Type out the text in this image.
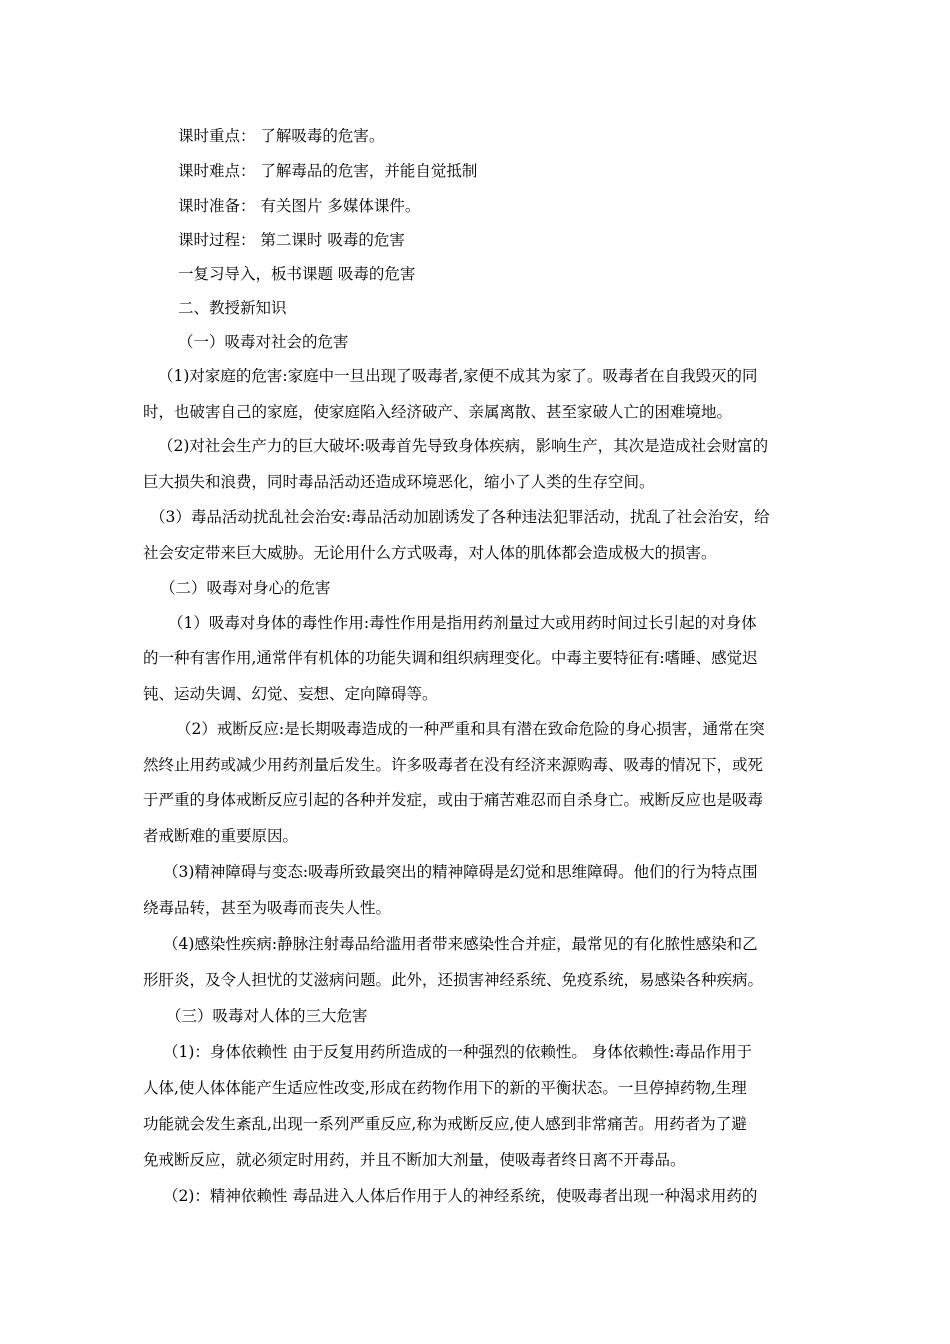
课时重点： 了解吸毒的危害。

课时难点： 了解毒品的危害，并能自觉抵制

课时准备： 有关图片 多媒体课件。

课时过程： 第二课时 吸毒的危害

一复习导入，板书课题 吸毒的危害

二、教授新知识

（一）吸毒对社会的危害

（1)对家庭的危害:家庭中一旦出现了吸毒者,家便不成其为家了。吸毒者在自我毁灭的同

时，也破害自己的家庭，使家庭陷入经济破产、亲属离散、甚至家破人亡的困难境地。

（2)对社会生产力的巨大破坏:吸毒首先导致身体疾病，影响生产，其次是造成社会财富的

巨大损失和浪费，同时毒品活动还造成环境恶化，缩小了人类的生存空间。

（3）毒品活动扰乱社会治安:毒品活动加剧诱发了各种违法犯罪活动，扰乱了社会治安，给

社会安定带来巨大威胁。无论用什么方式吸毒，对人体的肌体都会造成极大的损害。

（二）吸毒对身心的危害

（1）吸毒对身体的毒性作用:毒性作用是指用药剂量过大或用药时间过长引起的对身体

的一种有害作用,通常伴有机体的功能失调和组织病理变化。中毒主要特征有:嗜睡、感觉迟

钝、运动失调、幻觉、妄想、定向障碍等。

（2）戒断反应:是长期吸毒造成的一种严重和具有潜在致命危险的身心损害，通常在突

然终止用药或减少用药剂量后发生。许多吸毒者在没有经济来源购毒、吸毒的情况下，或死

于严重的身体戒断反应引起的各种并发症，或由于痛苦难忍而自杀身亡。戒断反应也是吸毒

者戒断难的重要原因。

（3)精神障碍与变态:吸毒所致最突出的精神障碍是幻觉和思维障碍。他们的行为特点围

绕毒品转，甚至为吸毒而丧失人性。

（4)感染性疾病:静脉注射毒品给滥用者带来感染性合并症，最常见的有化脓性感染和乙

形肝炎，及令人担忧的艾滋病问题。此外，还损害神经系统、免疫系统，易感染各种疾病。

（三）吸毒对人体的三大危害

（1)：身体依赖性 由于反复用药所造成的一种强烈的依赖性。 身体依赖性:毒品作用于

人体,使人体体能产生适应性改变,形成在药物作用下的新的平衡状态。一旦停掉药物,生理

功能就会发生紊乱,出现一系列严重反应,称为戒断反应,使人感到非常痛苦。用药者为了避

免戒断反应，就必须定时用药，并且不断加大剂量，使吸毒者终日离不开毒品。

（2)：精神依赖性 毒品进入人体后作用于人的神经系统，使吸毒者出现一种渴求用药的
